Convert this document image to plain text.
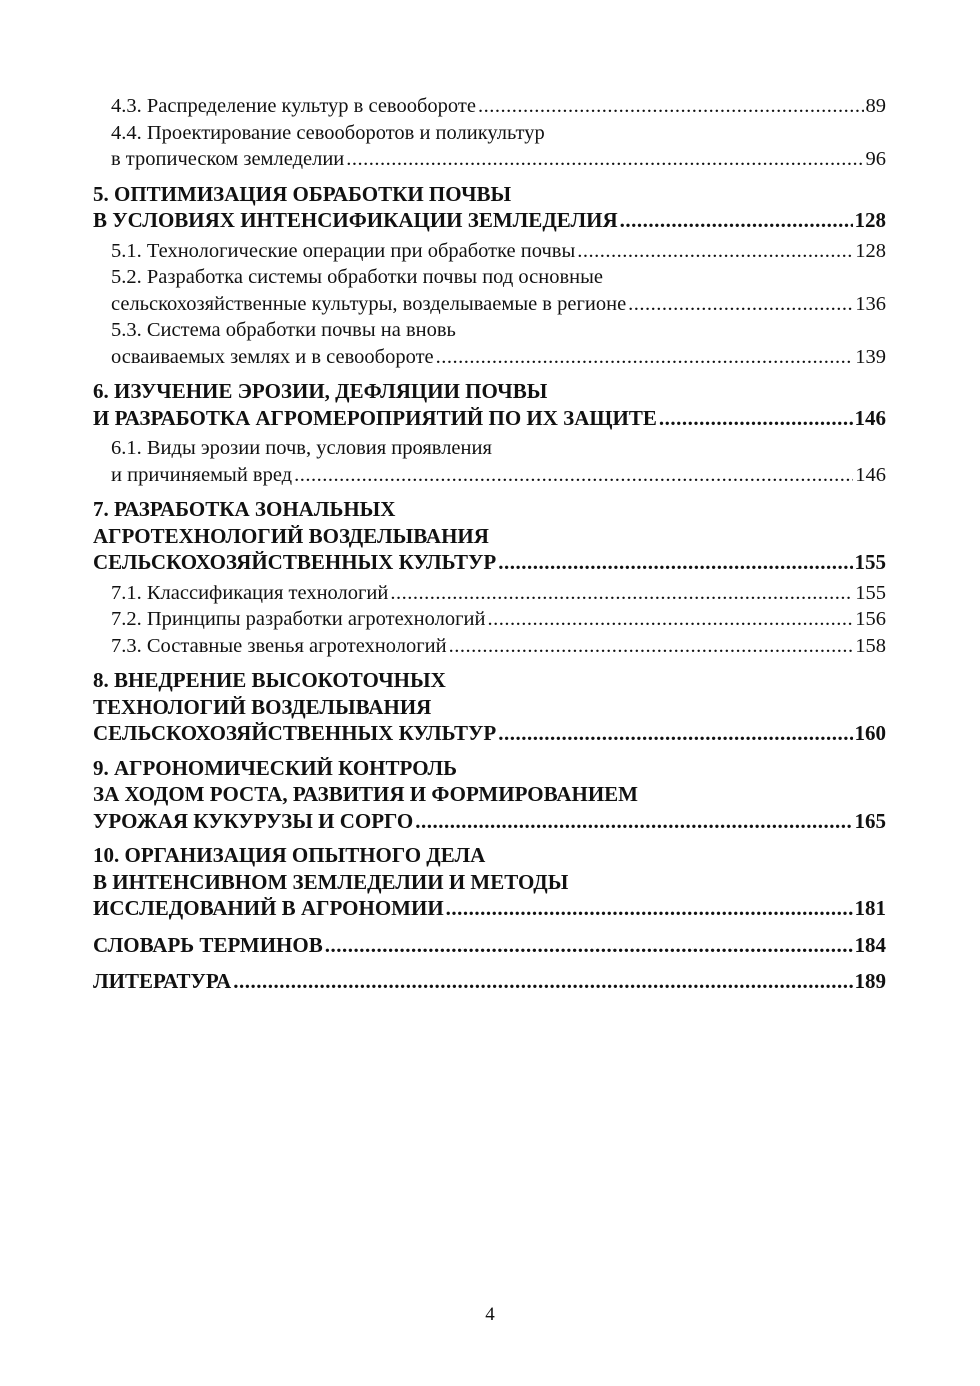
4.3. Распределение культур в севообороте .....	89
4.4. Проектирование севооборотов и поликультур
в тропическом земледелии .....	96
5. ОПТИМИЗАЦИЯ ОБРАБОТКИ ПОЧВЫ
В УСЛОВИЯХ ИНТЕНСИФИКАЦИИ ЗЕМЛЕДЕЛИЯ .....	128
5.1. Технологические операции при обработке почвы .....	128
5.2. Разработка системы обработки почвы под основные
сельскохозяйственные культуры, возделываемые в регионе .....	136
5.3. Система обработки почвы на вновь
осваиваемых землях и в севообороте .....	139
6. ИЗУЧЕНИЕ ЭРОЗИИ, ДЕФЛЯЦИИ ПОЧВЫ
И РАЗРАБОТКА АГРОМЕРОПРИЯТИЙ ПО ИХ ЗАЩИТЕ .....	146
6.1. Виды эрозии почв, условия проявления
и причиняемый вред .....	146
7. РАЗРАБОТКА ЗОНАЛЬНЫХ
АГРОТЕХНОЛОГИЙ ВОЗДЕЛЫВАНИЯ
СЕЛЬСКОХОЗЯЙСТВЕННЫХ КУЛЬТУР .....	155
7.1. Классификация технологий .....	155
7.2. Принципы разработки агротехнологий .....	156
7.3. Составные звенья агротехнологий .....	158
8. ВНЕДРЕНИЕ ВЫСОКОТОЧНЫХ
ТЕХНОЛОГИЙ ВОЗДЕЛЫВАНИЯ
СЕЛЬСКОХОЗЯЙСТВЕННЫХ КУЛЬТУР .....	160
9. АГРОНОМИЧЕСКИЙ КОНТРОЛЬ
ЗА ХОДОМ РОСТА, РАЗВИТИЯ И ФОРМИРОВАНИЕМ
УРОЖАЯ КУКУРУЗЫ И СОРГО .....	165
10. ОРГАНИЗАЦИЯ ОПЫТНОГО ДЕЛА
В ИНТЕНСИВНОМ ЗЕМЛЕДЕЛИИ И МЕТОДЫ
ИССЛЕДОВАНИЙ В АГРОНОМИИ .....	181
СЛОВАРЬ ТЕРМИНОВ .....	184
ЛИТЕРАТУРА .....	189
4
